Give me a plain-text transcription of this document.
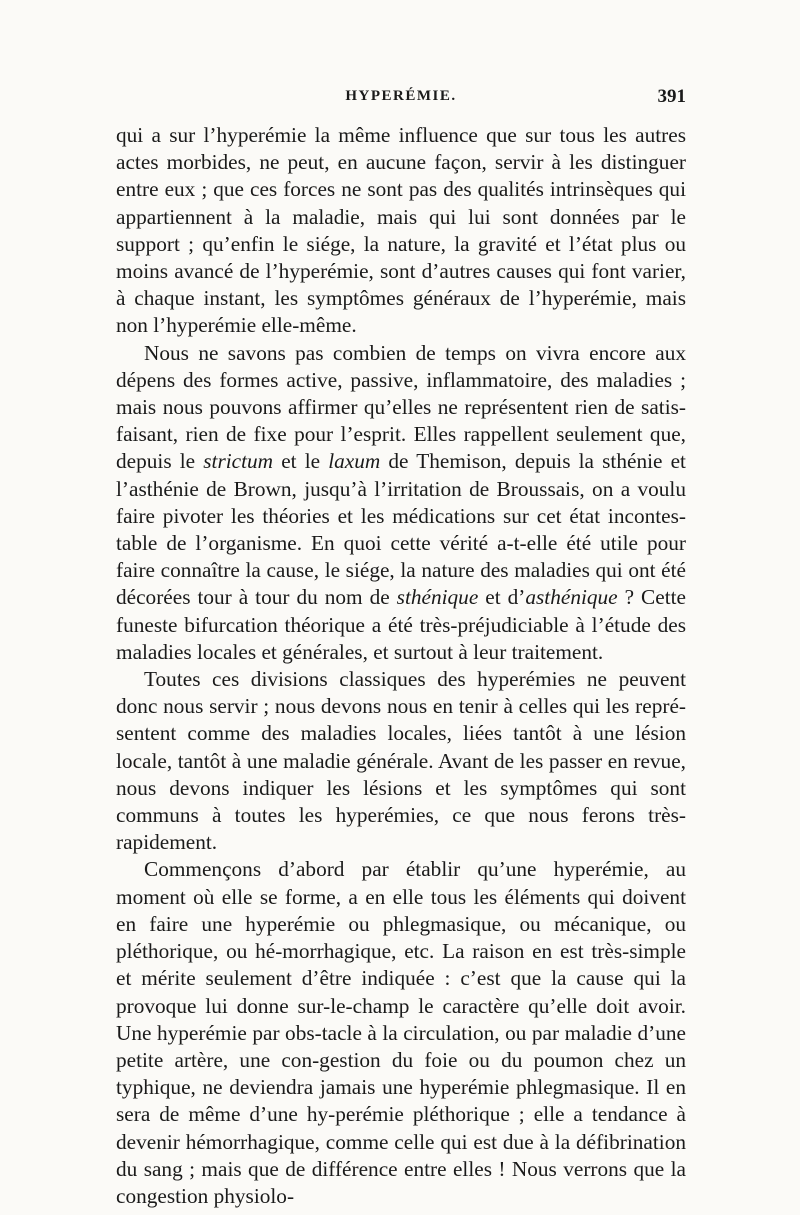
HYPERÉMIE.	391

qui a sur l’hyperémie la même influence que sur tous les autres actes morbides, ne peut, en aucune façon, servir à les distinguer entre eux ; que ces forces ne sont pas des qualités intrinsèques qui appartiennent à la maladie, mais qui lui sont données par le support ; qu’enfin le siége, la nature, la gravité et l’état plus ou moins avancé de l’hyperémie, sont d’autres causes qui font varier, à chaque instant, les symptômes généraux de l’hyperémie, mais non l’hyperémie elle-même.

Nous ne savons pas combien de temps on vivra encore aux dépens des formes active, passive, inflammatoire, des maladies ; mais nous pouvons affirmer qu’elles ne représentent rien de satis-faisant, rien de fixe pour l’esprit. Elles rappellent seulement que, depuis le strictum et le laxum de Themison, depuis la sthénie et l’asthénie de Brown, jusqu’à l’irritation de Broussais, on a voulu faire pivoter les théories et les médications sur cet état incontes-table de l’organisme. En quoi cette vérité a-t-elle été utile pour faire connaître la cause, le siége, la nature des maladies qui ont été décorées tour à tour du nom de sthénique et d’asthénique ? Cette funeste bifurcation théorique a été très-préjudiciable à l’étude des maladies locales et générales, et surtout à leur traitement.

Toutes ces divisions classiques des hyperémies ne peuvent donc nous servir ; nous devons nous en tenir à celles qui les repré-sentent comme des maladies locales, liées tantôt à une lésion locale, tantôt à une maladie générale. Avant de les passer en revue, nous devons indiquer les lésions et les symptômes qui sont communs à toutes les hyperémies, ce que nous ferons très-rapidement.

Commençons d’abord par établir qu’une hyperémie, au moment où elle se forme, a en elle tous les éléments qui doivent en faire une hyperémie ou phlegmasique, ou mécanique, ou pléthorique, ou hé-morrhagique, etc. La raison en est très-simple et mérite seulement d’être indiquée : c’est que la cause qui la provoque lui donne sur-le-champ le caractère qu’elle doit avoir. Une hyperémie par obs-tacle à la circulation, ou par maladie d’une petite artère, une con-gestion du foie ou du poumon chez un typhique, ne deviendra jamais une hyperémie phlegmasique. Il en sera de même d’une hy-perémie pléthorique ; elle a tendance à devenir hémorrhagique, comme celle qui est due à la défibrination du sang ; mais que de différence entre elles ! Nous verrons que la congestion physiolo-
